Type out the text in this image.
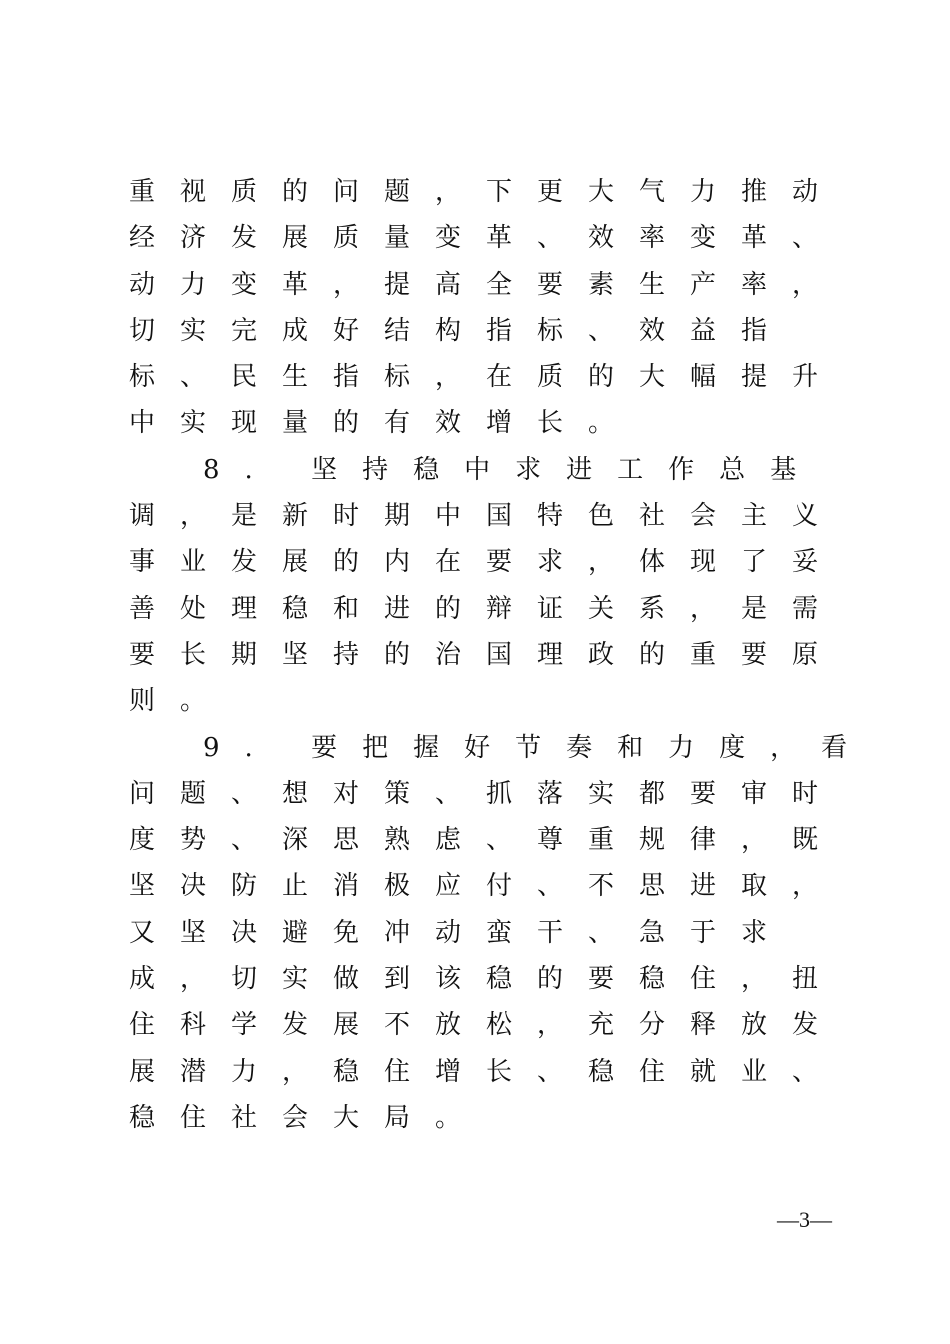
重视质的问题，下更大气力推动
经济发展质量变革、效率变革、
动力变革，提高全要素生产率，
切实完成好结构指标、效益指
标、民生指标，在质的大幅提升
中实现量的有效增长。
8. 坚持稳中求进工作总基
调，是新时期中国特色社会主义
事业发展的内在要求，体现了妥
善处理稳和进的辩证关系，是需
要长期坚持的治国理政的重要原
则。
9. 要把握好节奏和力度，看
问题、想对策、抓落实都要审时
度势、深思熟虑、尊重规律，既
坚决防止消极应付、不思进取，
又坚决避免冲动蛮干、急于求
成，切实做到该稳的要稳住，扭
住科学发展不放松，充分释放发
展潜力，稳住增长、稳住就业、
稳住社会大局。
—3—
